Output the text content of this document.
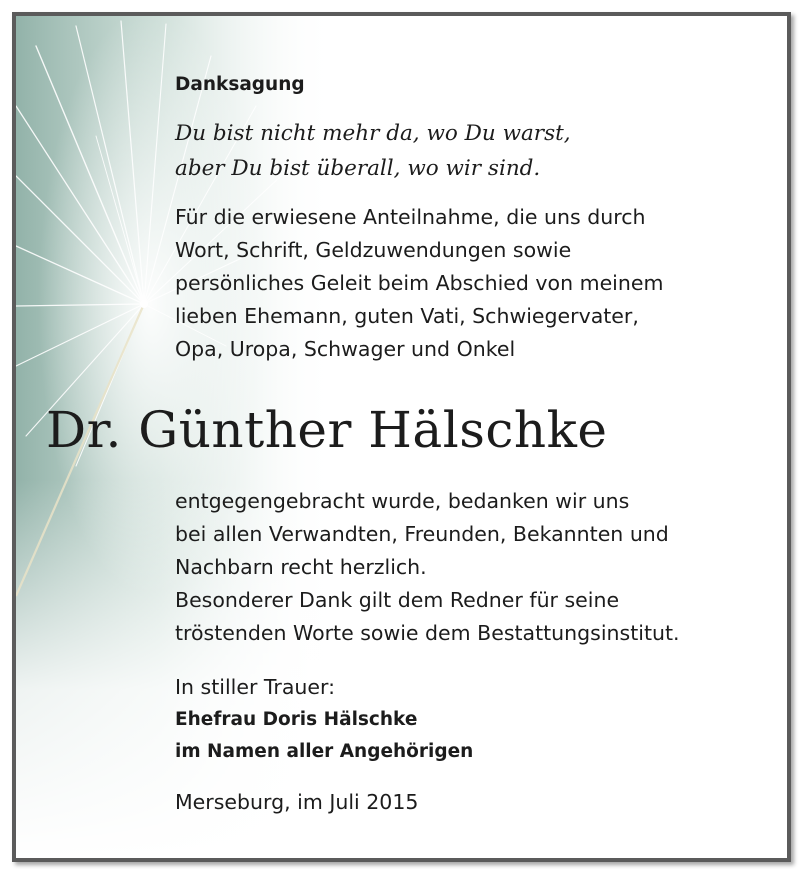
Danksagung
Du bist nicht mehr da, wo Du warst,
aber Du bist überall, wo wir sind.
Für die erwiesene Anteilnahme, die uns durch
Wort, Schrift, Geldzuwendungen sowie
persönliches Geleit beim Abschied von meinem
lieben Ehemann, guten Vati, Schwiegervater,
Opa, Uropa, Schwager und Onkel
Dr. Günther Hälschke
entgegengebracht wurde, bedanken wir uns
bei allen Verwandten, Freunden, Bekannten und
Nachbarn recht herzlich.
Besonderer Dank gilt dem Redner für seine
tröstenden Worte sowie dem Bestattungsinstitut.
In stiller Trauer:
Ehefrau Doris Hälschke
im Namen aller Angehörigen
Merseburg, im Juli 2015
